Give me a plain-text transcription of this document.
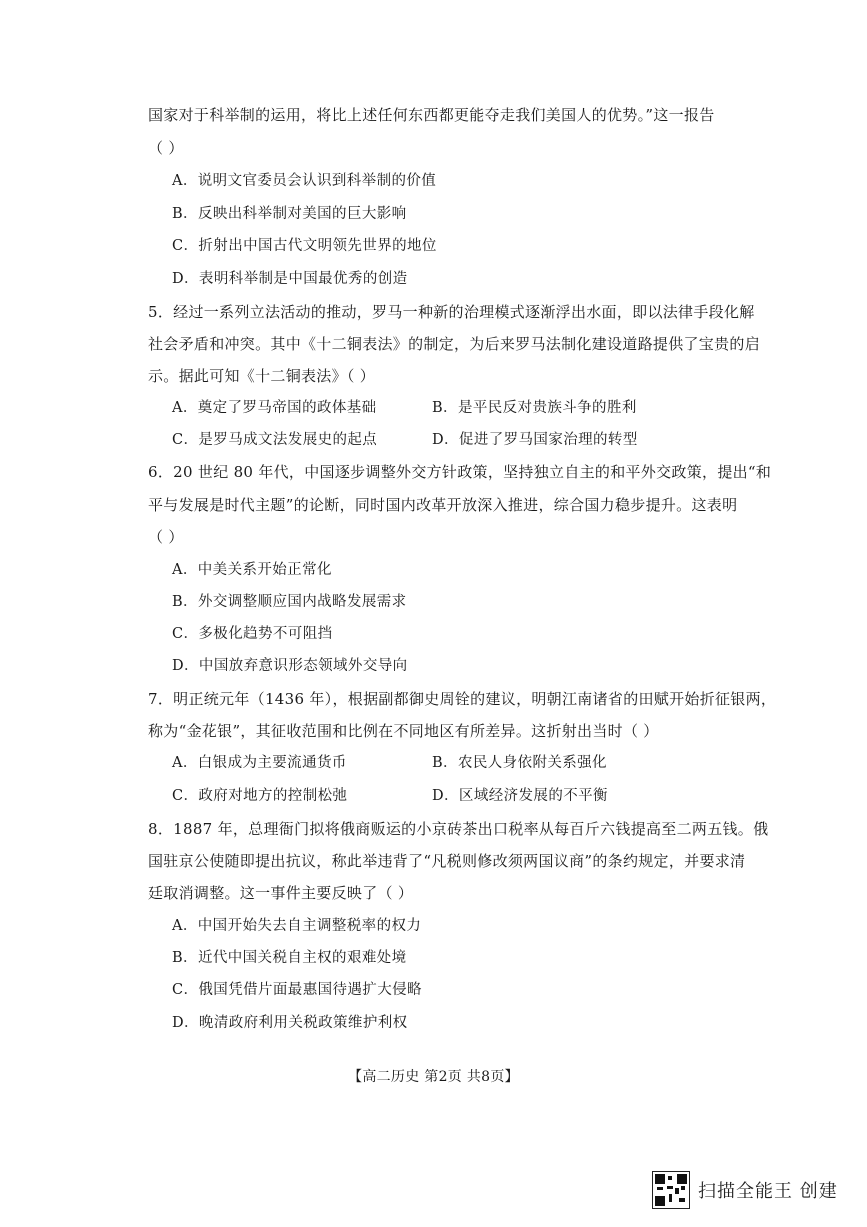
国家对于科举制的运用，将比上述任何东西都更能夺走我们美国人的优势。”这一报告
（ ）
A．说明文官委员会认识到科举制的价值
B．反映出科举制对美国的巨大影响
C．折射出中国古代文明领先世界的地位
D．表明科举制是中国最优秀的创造
5．经过一系列立法活动的推动，罗马一种新的治理模式逐渐浮出水面，即以法律手段化解
社会矛盾和冲突。其中《十二铜表法》的制定，为后来罗马法制化建设道路提供了宝贵的启
示。据此可知《十二铜表法》（ ）
A．奠定了罗马帝国的政体基础	B．是平民反对贵族斗争的胜利
C．是罗马成文法发展史的起点	D．促进了罗马国家治理的转型
6．20 世纪 80 年代，中国逐步调整外交方针政策，坚持独立自主的和平外交政策，提出“和
平与发展是时代主题”的论断，同时国内改革开放深入推进，综合国力稳步提升。这表明
（ ）
A．中美关系开始正常化
B．外交调整顺应国内战略发展需求
C．多极化趋势不可阻挡
D．中国放弃意识形态领域外交导向
7．明正统元年（1436 年），根据副都御史周铨的建议，明朝江南诸省的田赋开始折征银两，
称为“金花银”，其征收范围和比例在不同地区有所差异。这折射出当时（ ）
A．白银成为主要流通货币	B．农民人身依附关系强化
C．政府对地方的控制松弛	D．区域经济发展的不平衡
8．1887 年，总理衙门拟将俄商贩运的小京砖茶出口税率从每百斤六钱提高至二两五钱。俄
国驻京公使随即提出抗议，称此举违背了“凡税则修改须两国议商”的条约规定，并要求清
廷取消调整。这一事件主要反映了（ ）
A．中国开始失去自主调整税率的权力
B．近代中国关税自主权的艰难处境
C．俄国凭借片面最惠国待遇扩大侵略
D．晚清政府利用关税政策维护利权
【高二历史 第2页 共8页】
扫描全能王 创建
